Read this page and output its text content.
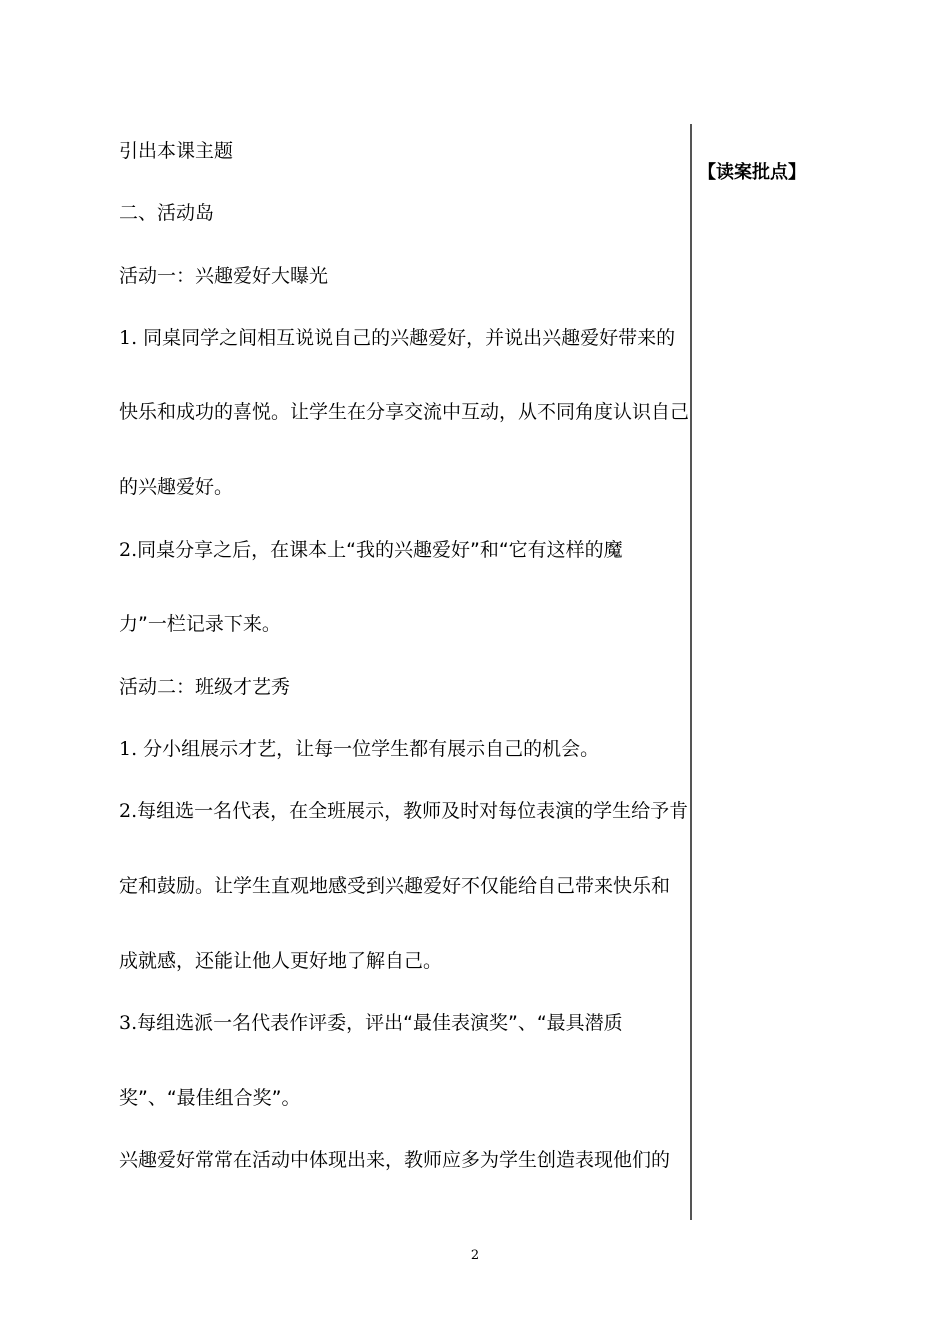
引出本课主题
二、活动岛
活动一：兴趣爱好大曝光
1. 同桌同学之间相互说说自己的兴趣爱好，并说出兴趣爱好带来的
快乐和成功的喜悦。让学生在分享交流中互动，从不同角度认识自己
的兴趣爱好。
2.同桌分享之后，在课本上“我的兴趣爱好”和“它有这样的魔
力”一栏记录下来。
活动二：班级才艺秀
1. 分小组展示才艺，让每一位学生都有展示自己的机会。
2.每组选一名代表，在全班展示，教师及时对每位表演的学生给予肯
定和鼓励。让学生直观地感受到兴趣爱好不仅能给自己带来快乐和
成就感，还能让他人更好地了解自己。
3.每组选派一名代表作评委，评出“最佳表演奖”、“最具潜质
奖”、“最佳组合奖”。
兴趣爱好常常在活动中体现出来，教师应多为学生创造表现他们的
【读案批点】
2
